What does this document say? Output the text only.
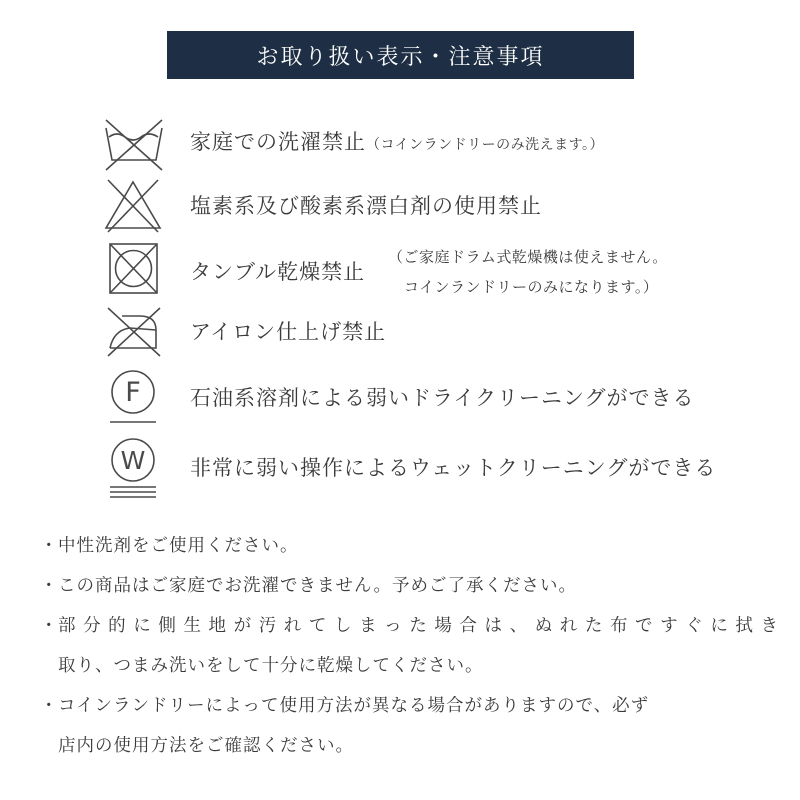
お取り扱い表示・注意事項
家庭での洗濯禁止（コインランドリーのみ洗えます。）
塩素系及び酸素系漂白剤の使用禁止
タンブル乾燥禁止
（ご家庭ドラム式乾燥機は使えません。
コインランドリーのみになります。）
アイロン仕上げ禁止
F 石油系溶剤による弱いドライクリーニングができる
W 非常に弱い操作によるウェットクリーニングができる
・ 中性洗剤をご使用ください。
・ この商品はご家庭でお洗濯できません。予めご了承ください。
・ 部分的に側生地が汚れてしまった場合は、ぬれた布ですぐに拭き
取り、つまみ洗いをして十分に乾燥してください。
・ コインランドリーによって使用方法が異なる場合がありますので、必ず
店内の使用方法をご確認ください。
